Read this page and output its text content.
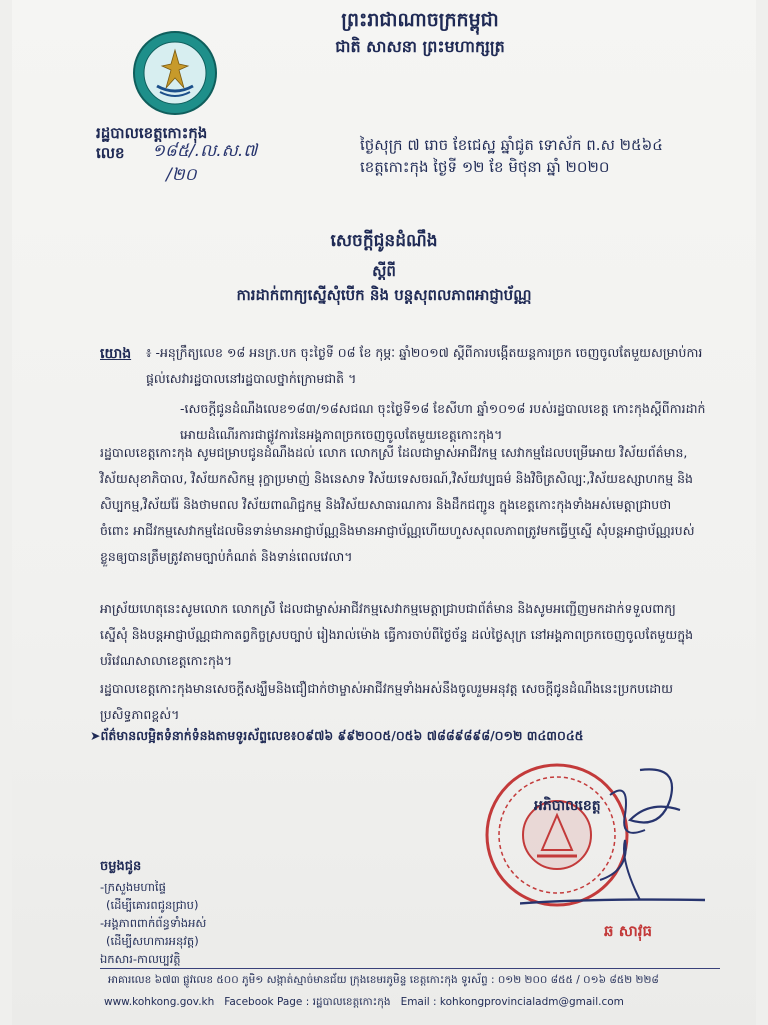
ព្រះរាជាណាចក្រកម្ពុជា
ជាតិ សាសនា ព្រះមហាក្សត្រ
រដ្ឋបាលខេត្តកោះកុង
លេខ ១៨៥/.ល.ស.៧
/២០
ថ្ងៃសុក្រ ៧ រោច ខែជេស្ឋ ឆ្នាំជូត ទោស័ក ព.ស ២៥៦៤
ខេត្តកោះកុង ថ្ងៃទី ១២ ខែ មិថុនា ឆ្នាំ ២០២០
សេចក្តីជូនដំណឹង
ស្តីពី
ការដាក់ពាក្យស្នើសុំបើក និង បន្តសុពលភាពអាជ្ញាប័ណ្ណ
យោង ៖ -អនុក្រឹត្យលេខ ១៨ អនក្រ.បក ចុះថ្ងៃទី ០៨ ខែ កុម្ភៈ ឆ្នាំ២០១៧ ស្តីពីការបង្កើតយន្តការច្រក ចេញចូលតែមួយសម្រាប់ការផ្តល់សេវារដ្ឋបាលនៅរដ្ឋបាលថ្នាក់ក្រោមជាតិ ។
-សេចក្តីជូនដំណឹងលេខ១៨៣/១៨សជណ ចុះថ្ងៃទី១៨ ខែសីហា ឆ្នាំ១០១៨ របស់រដ្ឋបាលខេត្ត កោះកុងស្តីពីការដាក់អោយដំណើរការជាផ្លូវការនៃអង្គភាពច្រកចេញចូលតែមួយខេត្តកោះកុង។
រដ្ឋបាលខេត្តកោះកុង សូមជម្រាបជូនដំណឹងដល់ លោក លោកស្រី ដែលជាម្ចាស់អាជីវកម្ម សេវាកម្មដែលបម្រើអោយ វិស័យព័ត៌មាន, វិស័យសុខាភិបាល, វិស័យកសិកម្ម រុក្ខាប្រមាញ់ និងនេសាទ វិស័យទេសចរណ៍,វិស័យវប្បធម៌ និងវិចិត្រសិល្បៈ,វិស័យឧស្សាហកម្ម និងសិប្បកម្ម,វិស័យរ៉ែ និងថាមពល វិស័យពាណិជ្ជកម្ម និងវិស័យសាធារណការ និងដឹកជញ្ជូន ក្នុងខេត្តកោះកុងទាំងអស់មេត្តាជ្រាបថា ចំពោះ អាជីវកម្មសេវាកម្មដែលមិនទាន់មានអាជ្ញាប័ណ្ណនិងមានអាជ្ញាប័ណ្ណហើយហួសសុពលភាពត្រូវមកធ្វើឬស្នើ សុំបន្តអាជ្ញាប័ណ្ណរបស់ខ្លួនឲ្យបានត្រឹមត្រូវតាមច្បាប់កំណត់ និងទាន់ពេលវេលា។
អាស្រ័យហេតុនេះសូមលោក លោកស្រី ដែលជាម្ចាស់អាជីវកម្មសេវាកម្មមេត្តាជ្រាបជាព័ត៌មាន និងសូមអញ្ជើញមកដាក់ទទួលពាក្យស្នើសុំ និងបន្តអាជ្ញាប័ណ្ណជាកាតព្វកិច្ចស្របច្បាប់ រៀងរាល់ម៉ោង ធ្វើការចាប់ពីថ្ងៃច័ន្ទ ដល់ថ្ងៃសុក្រ នៅអង្គភាពច្រកចេញចូលតែមួយក្នុងបរិវេណសាលាខេត្តកោះកុង។
រដ្ឋបាលខេត្តកោះកុងមានសេចក្តីសង្ឃឹមនិងជឿជាក់ថាម្ចាស់អាជីវកម្មទាំងអស់នឹងចូលរួមអនុវត្ត សេចក្តីជូនដំណឹងនេះប្រកបដោយប្រសិទ្ធភាពខ្ពស់។
➤ព័ត៌មានលម្អិតទំនាក់ទំនងតាមទូរស័ព្ទលេខ៖០៩៧៦ ៩៩២០០៥/០៥៦ ៧៨៨៩៨៩៨/០១២ ៣៤៣០៤៥
អភិបាលខេត្ត
ឆ សាវុធ
ចម្លងជូន
-ក្រសួងមហាផ្ទៃ
(ដើម្បីគោរពជូនជ្រាប)
-អង្គភាពពាក់ព័ន្ធទាំងអស់
(ដើម្បីសហការអនុវត្ត)
ឯកសារ-កាលប្បវត្តិ
អាគារលេខ ៦៧៣ ផ្លូវលេខ ៥០០ ភូមិ១ សង្កាត់ស្មាច់មានជ័យ ក្រុងខេមរភូមិន្ទ ខេត្តកោះកុង ទូរស័ព្ទ : ០១២ ២០០ ៨៥៥ / ០១៦ ៨៥២ ២២៨
www.kohkong.gov.kh Facebook Page : រដ្ឋបាលខេត្តកោះកុង Email : kohkongprovincialadm@gmail.com
